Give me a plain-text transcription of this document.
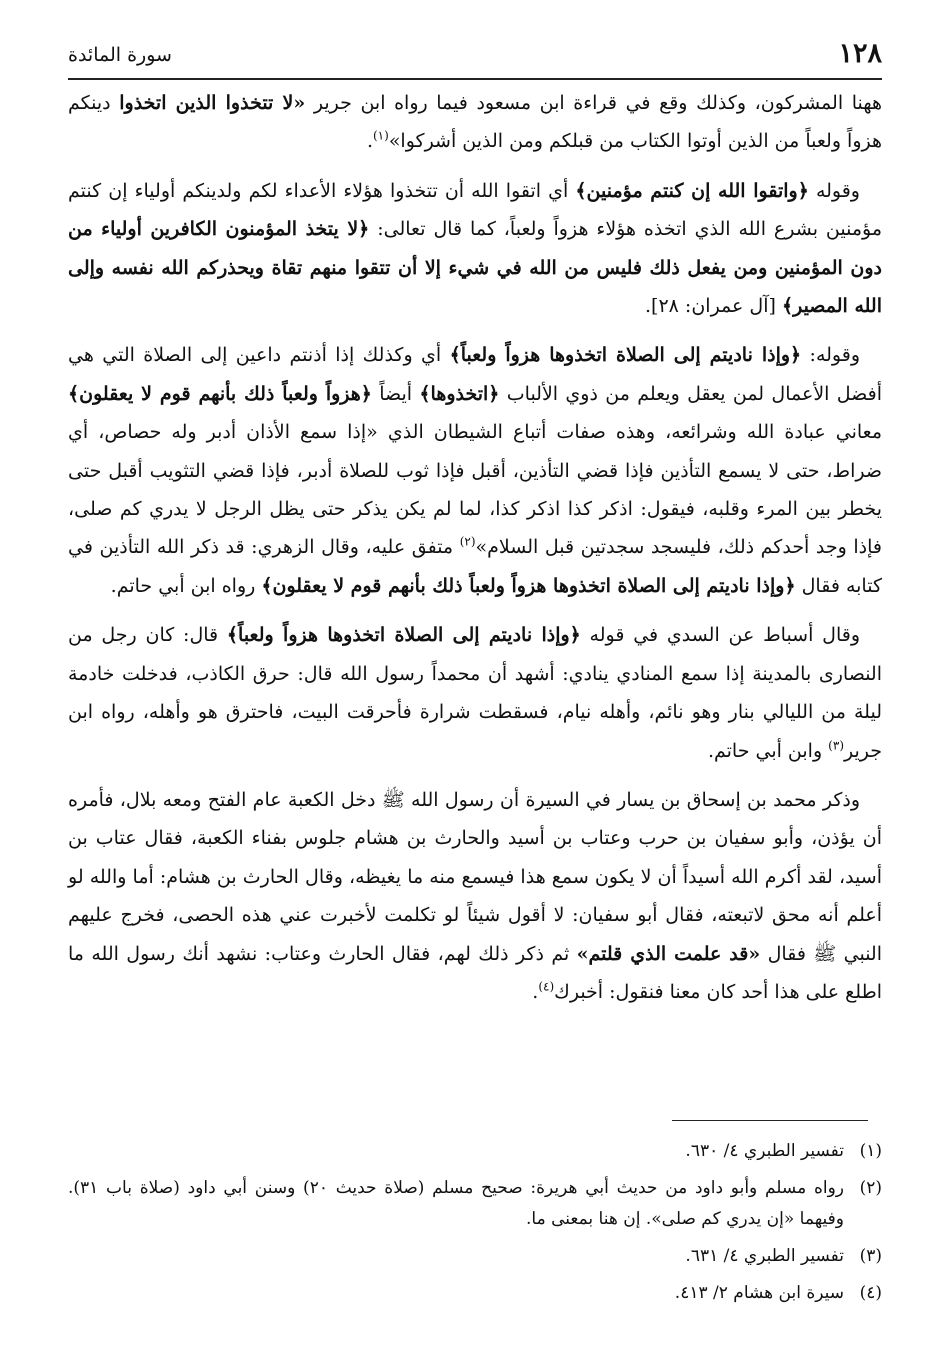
١٢٨
سورة المائدة

ههنا المشركون، وكذلك وقع في قراءة ابن مسعود فيما رواه ابن جرير «لا تتخذوا الذين اتخذوا دينكم هزواً ولعباً من الذين أوتوا الكتاب من قبلكم ومن الذين أشركوا»$^{(١)}$.

وقوله ﴿واتقوا الله إن كنتم مؤمنين﴾ أي اتقوا الله أن تتخذوا هؤلاء الأعداء لكم ولدينكم أولياء إن كنتم مؤمنين بشرع الله الذي اتخذه هؤلاء هزواً ولعباً، كما قال تعالى: ﴿لا يتخذ المؤمنون الكافرين أولياء من دون المؤمنين ومن يفعل ذلك فليس من الله في شيء إلا أن تتقوا منهم تقاة ويحذركم الله نفسه وإلى الله المصير﴾ [آل عمران: ٢٨].

وقوله: ﴿وإذا ناديتم إلى الصلاة اتخذوها هزواً ولعباً﴾ أي وكذلك إذا أذنتم داعين إلى الصلاة التي هي أفضل الأعمال لمن يعقل ويعلم من ذوي الألباب ﴿اتخذوها﴾ أيضاً ﴿هزواً ولعباً ذلك بأنهم قوم لا يعقلون﴾ معاني عبادة الله وشرائعه، وهذه صفات أتباع الشيطان الذي «إذا سمع الأذان أدبر وله حصاص، أي ضراط، حتى لا يسمع التأذين فإذا قضي التأذين، أقبل فإذا ثوب للصلاة أدبر، فإذا قضي التثويب أقبل حتى يخطر بين المرء وقلبه، فيقول: اذكر كذا اذكر كذا، لما لم يكن يذكر حتى يظل الرجل لا يدري كم صلى، فإذا وجد أحدكم ذلك، فليسجد سجدتين قبل السلام»$^{(٢)}$ متفق عليه، وقال الزهري: قد ذكر الله التأذين في كتابه فقال ﴿وإذا ناديتم إلى الصلاة اتخذوها هزواً ولعباً ذلك بأنهم قوم لا يعقلون﴾ رواه ابن أبي حاتم.

وقال أسباط عن السدي في قوله ﴿وإذا ناديتم إلى الصلاة اتخذوها هزواً ولعباً﴾ قال: كان رجل من النصارى بالمدينة إذا سمع المنادي ينادي: أشهد أن محمداً رسول الله قال: حرق الكاذب، فدخلت خادمة ليلة من الليالي بنار وهو نائم، وأهله نيام، فسقطت شرارة فأحرقت البيت، فاحترق هو وأهله، رواه ابن جرير$^{(٣)}$ وابن أبي حاتم.

وذكر محمد بن إسحاق بن يسار في السيرة أن رسول الله ﷺ دخل الكعبة عام الفتح ومعه بلال، فأمره أن يؤذن، وأبو سفيان بن حرب وعتاب بن أسيد والحارث بن هشام جلوس بفناء الكعبة، فقال عتاب بن أسيد، لقد أكرم الله أسيداً أن لا يكون سمع هذا فيسمع منه ما يغيظه، وقال الحارث بن هشام: أما والله لو أعلم أنه محق لاتبعته، فقال أبو سفيان: لا أقول شيئاً لو تكلمت لأخبرت عني هذه الحصى، فخرج عليهم النبي ﷺ فقال «قد علمت الذي قلتم» ثم ذكر ذلك لهم، فقال الحارث وعتاب: نشهد أنك رسول الله ما اطلع على هذا أحد كان معنا فنقول: أخبرك$^{(٤)}$.

(١)
تفسير الطبري ٤/ ٦٣٠.
(٢)
رواه مسلم وأبو داود من حديث أبي هريرة: صحيح مسلم (صلاة حديث ٢٠) وسنن أبي داود (صلاة باب ٣١). وفيهما «إن يدري كم صلى». إن هنا بمعنى ما.
(٣)
تفسير الطبري ٤/ ٦٣١.
(٤)
سيرة ابن هشام ٢/ ٤١٣.
